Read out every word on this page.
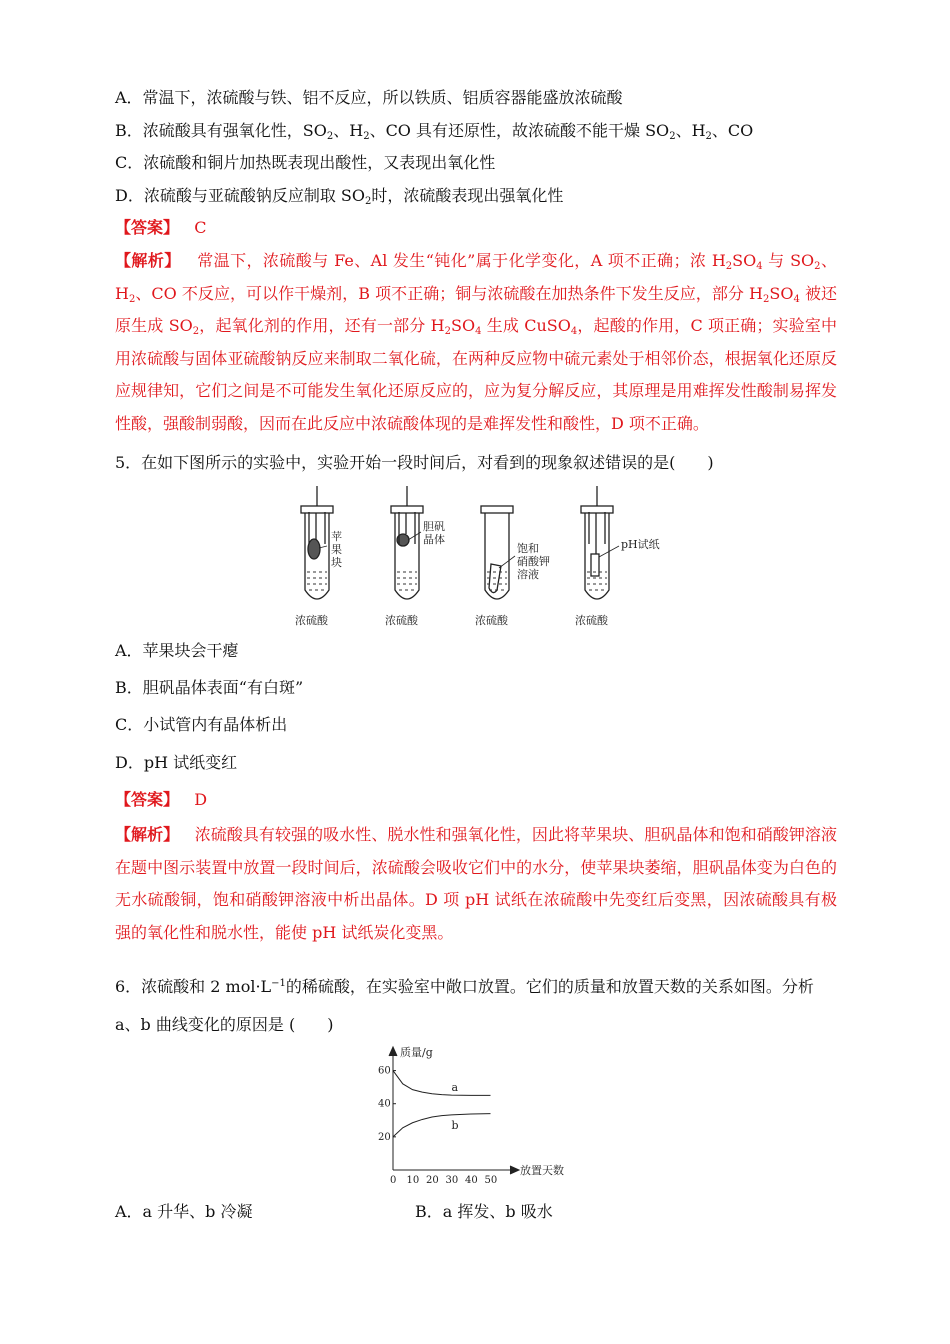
A．常温下，浓硫酸与铁、铝不反应，所以铁质、铝质容器能盛放浓硫酸
B．浓硫酸具有强氧化性，$SO_2$、$H_2$、CO 具有还原性，故浓硫酸不能干燥 $SO_2$、$H_2$、CO
C．浓硫酸和铜片加热既表现出酸性，又表现出氧化性
D．浓硫酸与亚硫酸钠反应制取 $SO_2$时，浓硫酸表现出强氧化性
【答案】 C
【解析】 常温下，浓硫酸与 Fe、Al 发生“钝化”属于化学变化，A 项不正确；浓 $H_2SO_4$ 与 $SO_2$、$H_2$、CO 不反应，可以作干燥剂，B 项不正确；铜与浓硫酸在加热条件下发生反应，部分 $H_2SO_4$ 被还原生成 $SO_2$，起氧化剂的作用，还有一部分 $H_2SO_4$ 生成 CuSO$_4$，起酸的作用，C 项正确；实验室中用浓硫酸与固体亚硫酸钠反应来制取二氧化硫，在两种反应物中硫元素处于相邻价态，根据氧化还原反应规律知，它们之间是不可能发生氧化还原反应的，应为复分解反应，其原理是用难挥发性酸制易挥发性酸，强酸制弱酸，因而在此反应中浓硫酸体现的是难挥发性和酸性，D 项不正确。
5．在如下图所示的实验中，实验开始一段时间后，对看到的现象叙述错误的是(　　)
苹
果
块
胆矾
晶体
饱和
硝酸钾
溶液
pH试纸
浓硫酸	浓硫酸	浓硫酸	浓硫酸
A．苹果块会干瘪
B．胆矾晶体表面“有白斑”
C．小试管内有晶体析出
D．pH 试纸变红
【答案】 D
【解析】 浓硫酸具有较强的吸水性、脱水性和强氧化性，因此将苹果块、胆矾晶体和饱和硝酸钾溶液在题中图示装置中放置一段时间后，浓硫酸会吸收它们中的水分，使苹果块萎缩，胆矾晶体变为白色的无水硫酸铜，饱和硝酸钾溶液中析出晶体。D 项 pH 试纸在浓硫酸中先变红后变黑，因浓硫酸具有极强的氧化性和脱水性，能使 pH 试纸炭化变黑。
6．浓硫酸和 2 $mol\cdot L^{-1}$的稀硫酸，在实验室中敞口放置。它们的质量和放置天数的关系如图。分析
a、b 曲线变化的原因是 (　　)
0 10 20 30 40 50
20
40
60
a
b
质量/g
放置天数
A．a 升华、b 冷凝	B．a 挥发、b 吸水
